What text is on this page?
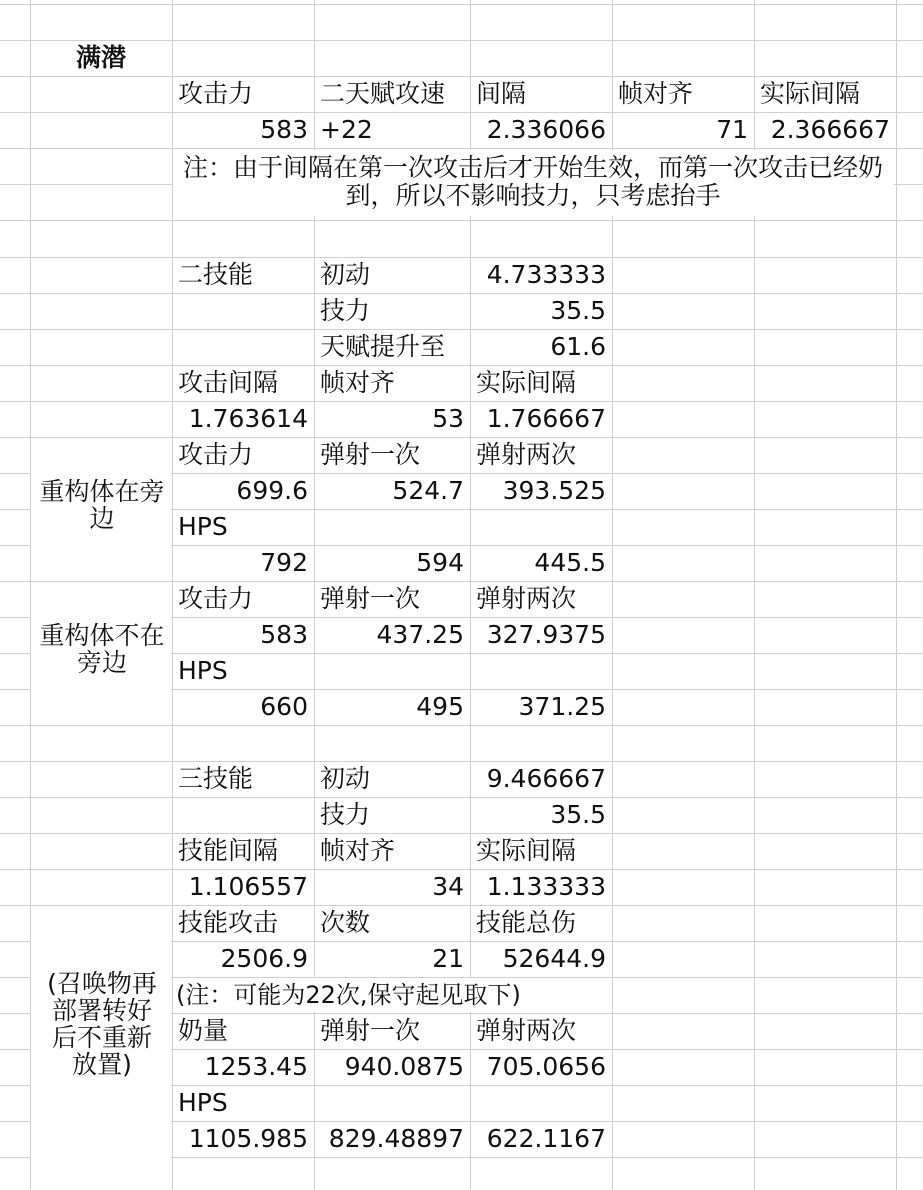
满潜
攻击力	二天赋攻速	间隔	帧对齐	实际间隔
583 +22	2.336066	71 2.366667
注：由于间隔在第一次攻击后才开始生效，而第一次攻击已经奶到，所以不影响技力，只考虑抬手
二技能	初动	4.733333
技力	35.5
天赋提升至	61.6
攻击间隔	帧对齐	实际间隔
1.763614	53 1.766667
重构体在旁边
攻击力	弹射一次	弹射两次
699.6	524.7	393.525
HPS
792	594	445.5
重构体不在旁边
攻击力	弹射一次	弹射两次
583	437.25 327.9375
HPS
660	495	371.25
三技能	初动	9.466667
技力	35.5
技能间隔	帧对齐	实际间隔
1.106557	34 1.133333
(召唤物再部署转好后不重新放置)
技能攻击	次数	技能总伤
2506.9	21	52644.9
(注：可能为22次,保守起见取下)
奶量	弹射一次	弹射两次
1253.45	940.0875 705.0656
HPS
1105.985 829.48897 622.1167
